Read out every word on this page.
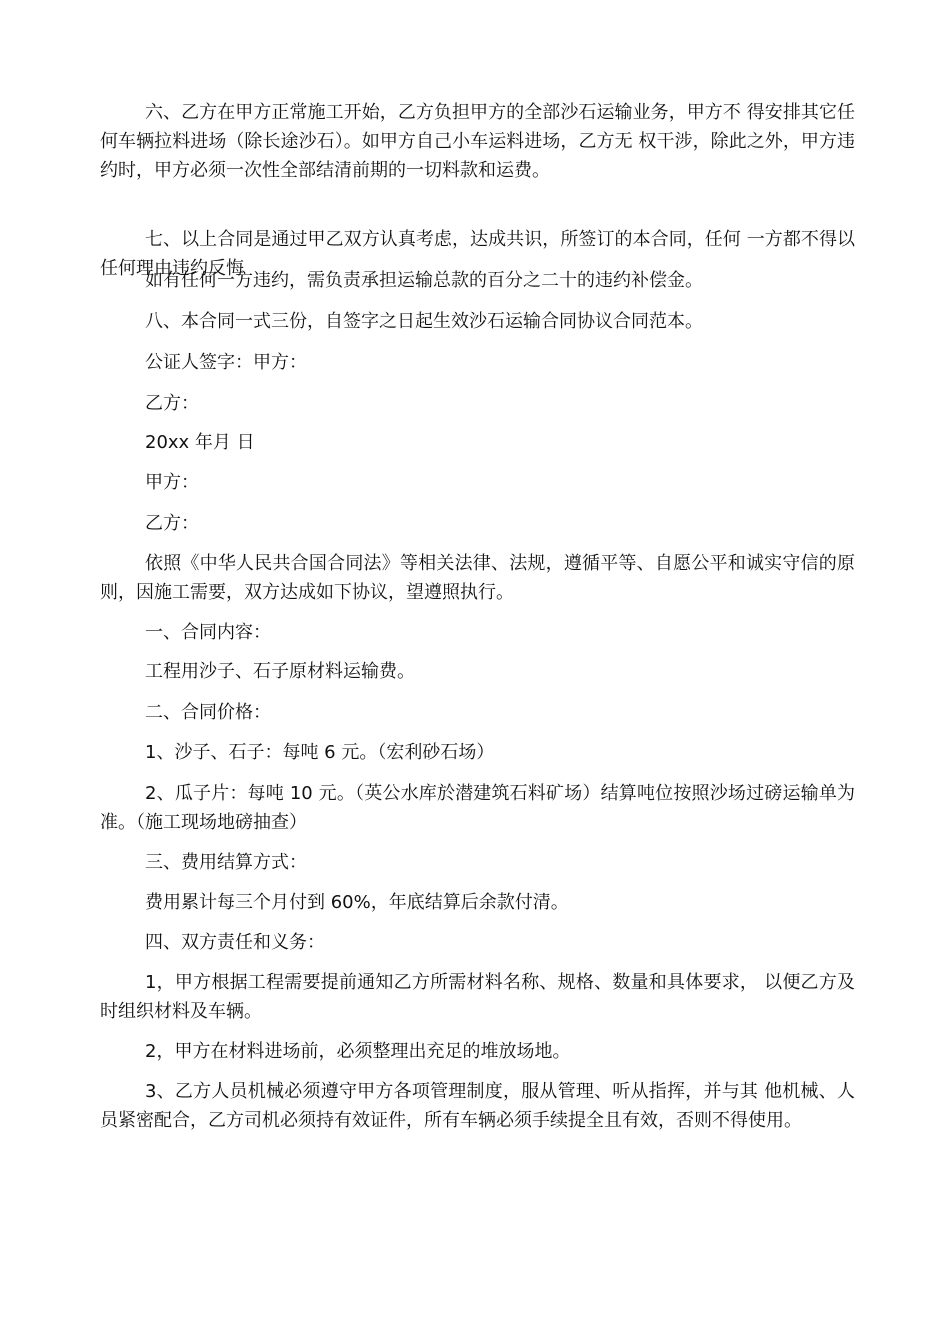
六、乙方在甲方正常施工开始，乙方负担甲方的全部沙石运输业务，甲方不 得安排其它任何车辆拉料进场（除长途沙石）。如甲方自己小车运料进场，乙方无 权干涉，除此之外，甲方违约时，甲方必须一次性全部结清前期的一切料款和运费。

七、以上合同是通过甲乙双方认真考虑，达成共识，所签订的本合同，任何 一方都不得以任何理由违约反悔

如有任何一方违约，需负责承担运输总款的百分之二十的违约补偿金。

八、本合同一式三份，自签字之日起生效沙石运输合同协议合同范本。

公证人签字：甲方：

乙方：

20xx 年月 日

甲方：

乙方：

依照《中华人民共合国合同法》等相关法律、法规，遵循平等、自愿公平和诚实守信的原则，因施工需要，双方达成如下协议，望遵照执行。

一、合同内容：

工程用沙子、石子原材料运输费。

二、合同价格：

1、沙子、石子：每吨 6 元。（宏利砂石场）

2、瓜子片：每吨 10 元。（英公水库於潜建筑石料矿场）结算吨位按照沙场过磅运输单为准。（施工现场地磅抽查）

三、费用结算方式：

费用累计每三个月付到 60%，年底结算后余款付清。

四、双方责任和义务：

1，甲方根据工程需要提前通知乙方所需材料名称、规格、数量和具体要求， 以便乙方及时组织材料及车辆。

2，甲方在材料进场前，必须整理出充足的堆放场地。

3、乙方人员机械必须遵守甲方各项管理制度，服从管理、听从指挥，并与其 他机械、人员紧密配合，乙方司机必须持有效证件，所有车辆必须手续提全且有效，否则不得使用。
